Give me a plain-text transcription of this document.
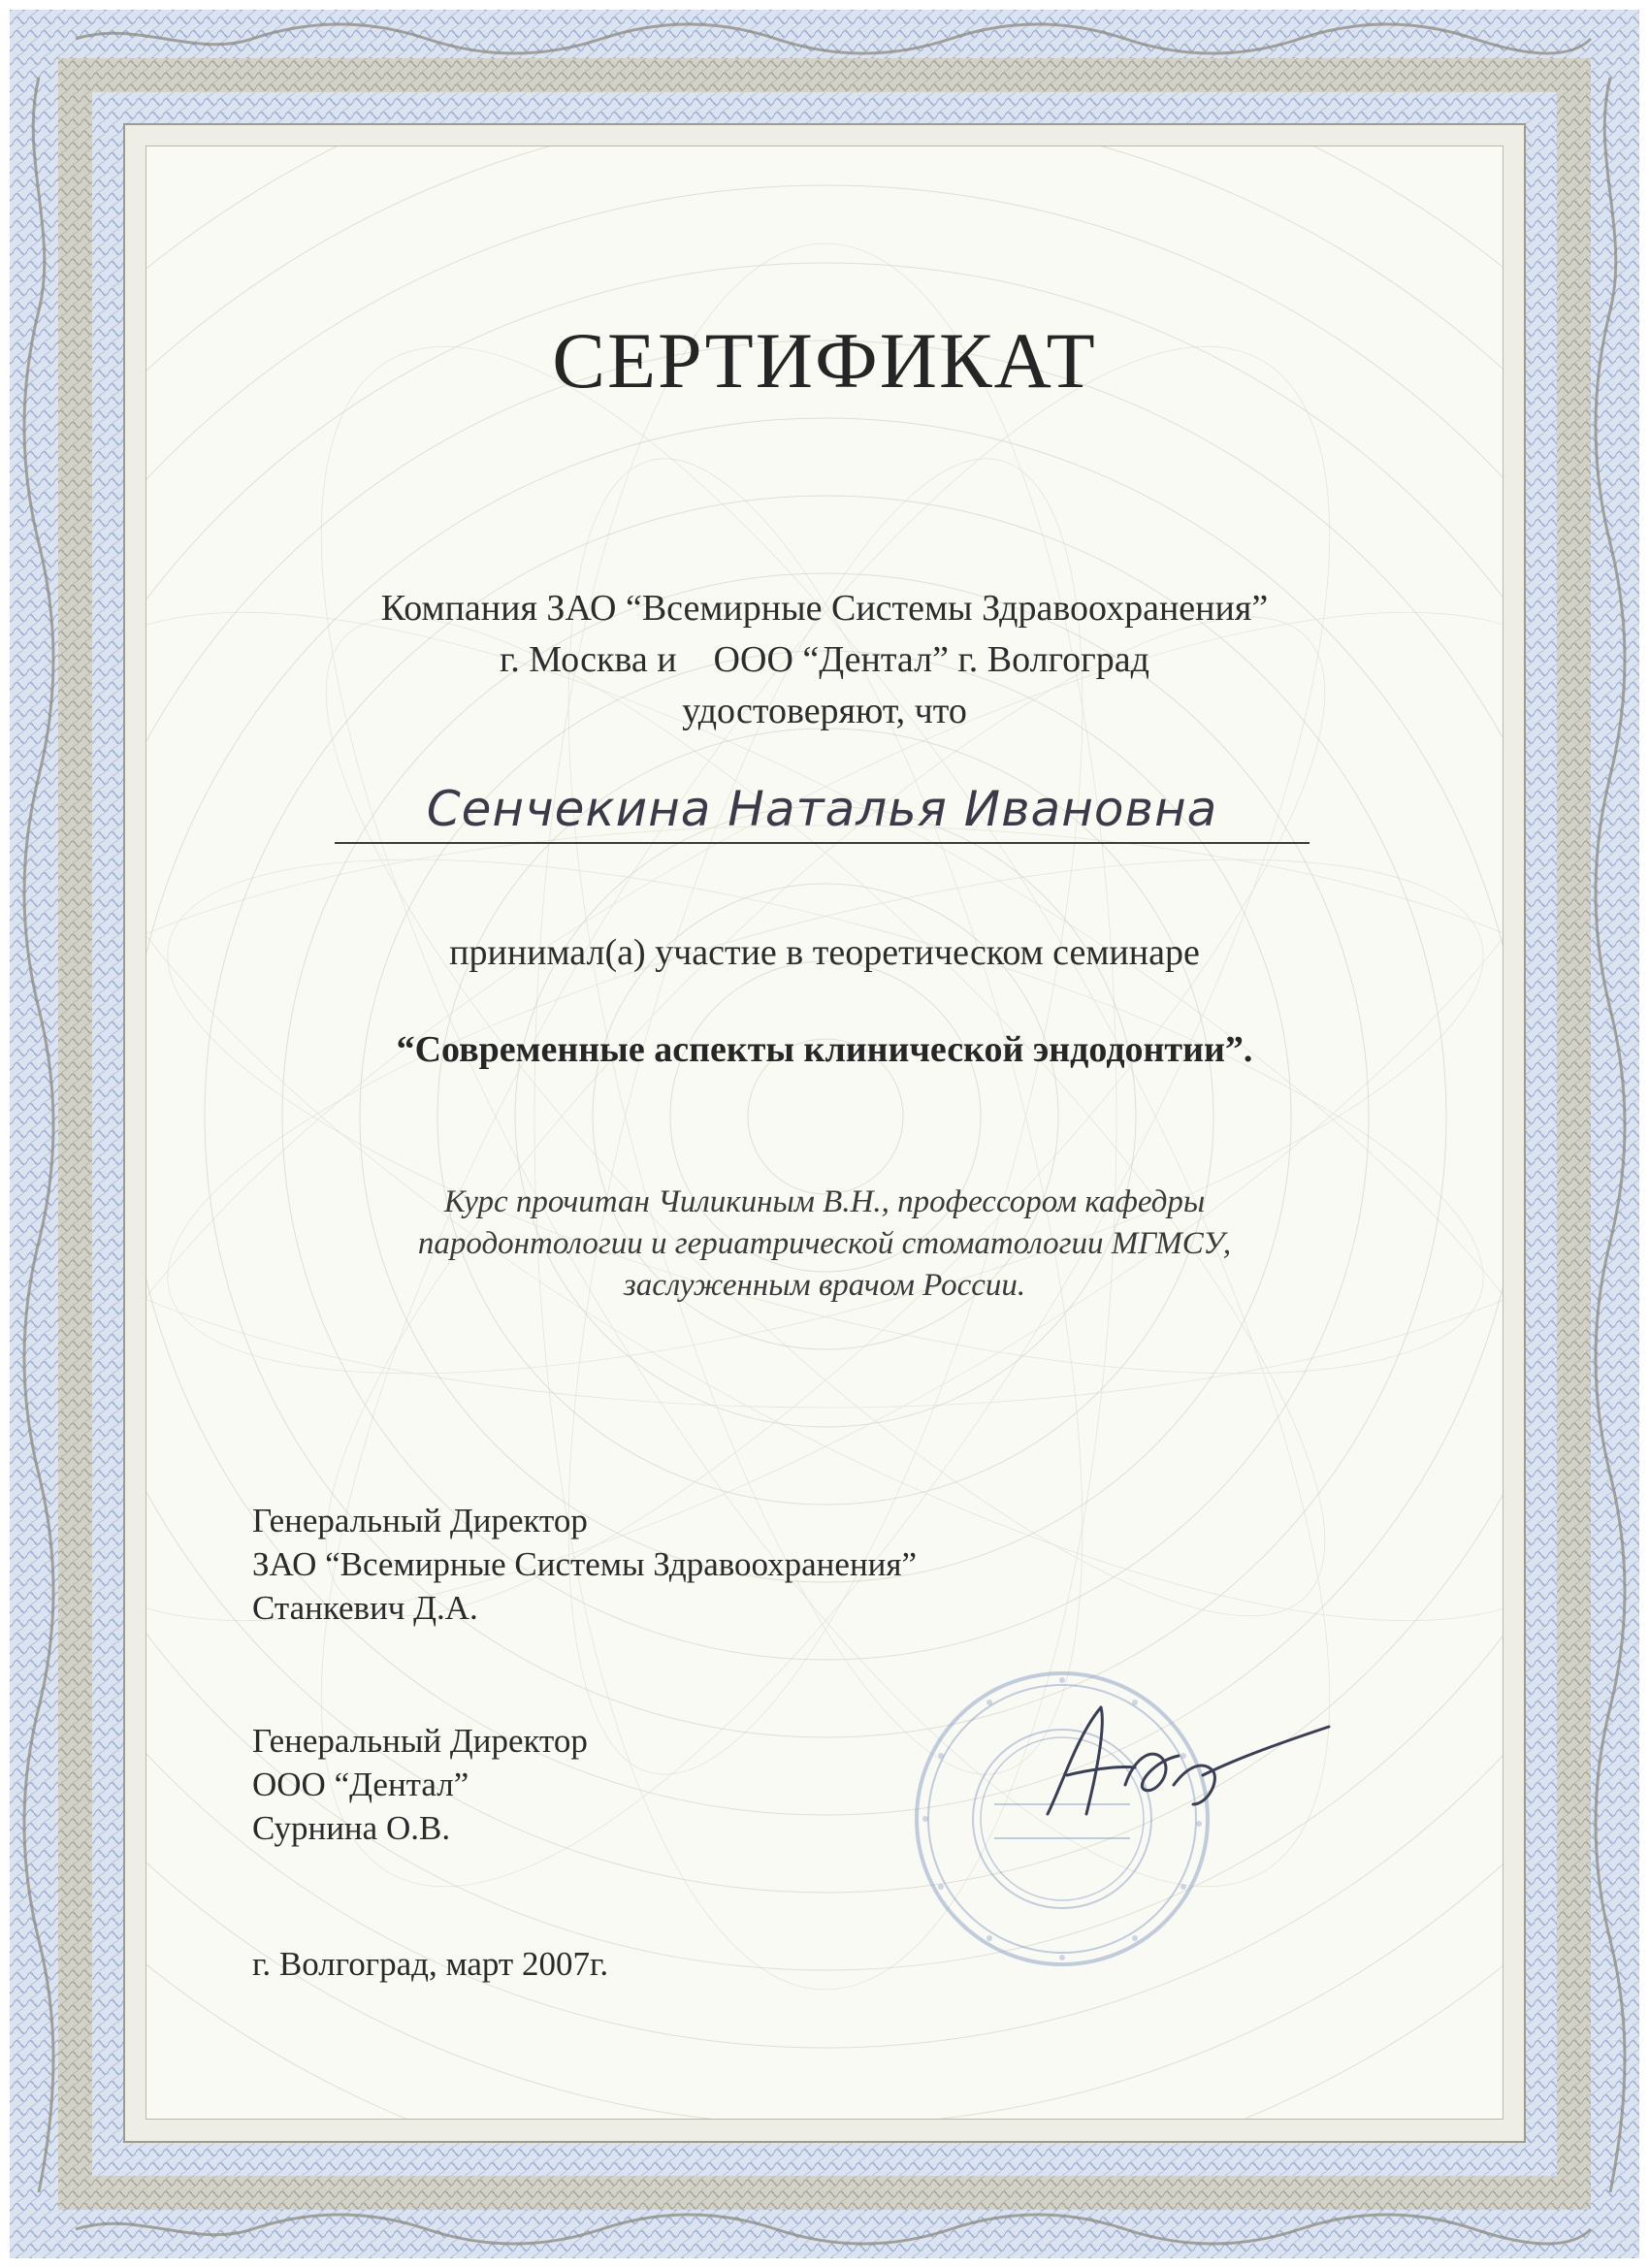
СЕРТИФИКАТ

Компания ЗАО “Всемирные Системы Здравоохранения”

г. Москва и    ООО “Дентал” г. Волгоград

удостоверяют, что

Сенчекина Наталья Ивановна

принимал(а) участие в теоретическом семинаре

“Современные аспекты клинической эндодонтии”.
Курс прочитан Чиликиным В.Н., профессором кафедры
пародонтологии и гериатрической стоматологии МГМСУ,
заслуженным врачом России.
Генеральный Директор
ЗАО “Всемирные Системы Здравоохранения”
Станкевич Д.А.
Генеральный Директор
ООО “Дентал”
Сурнина О.В.
г. Волгоград, март 2007г.
